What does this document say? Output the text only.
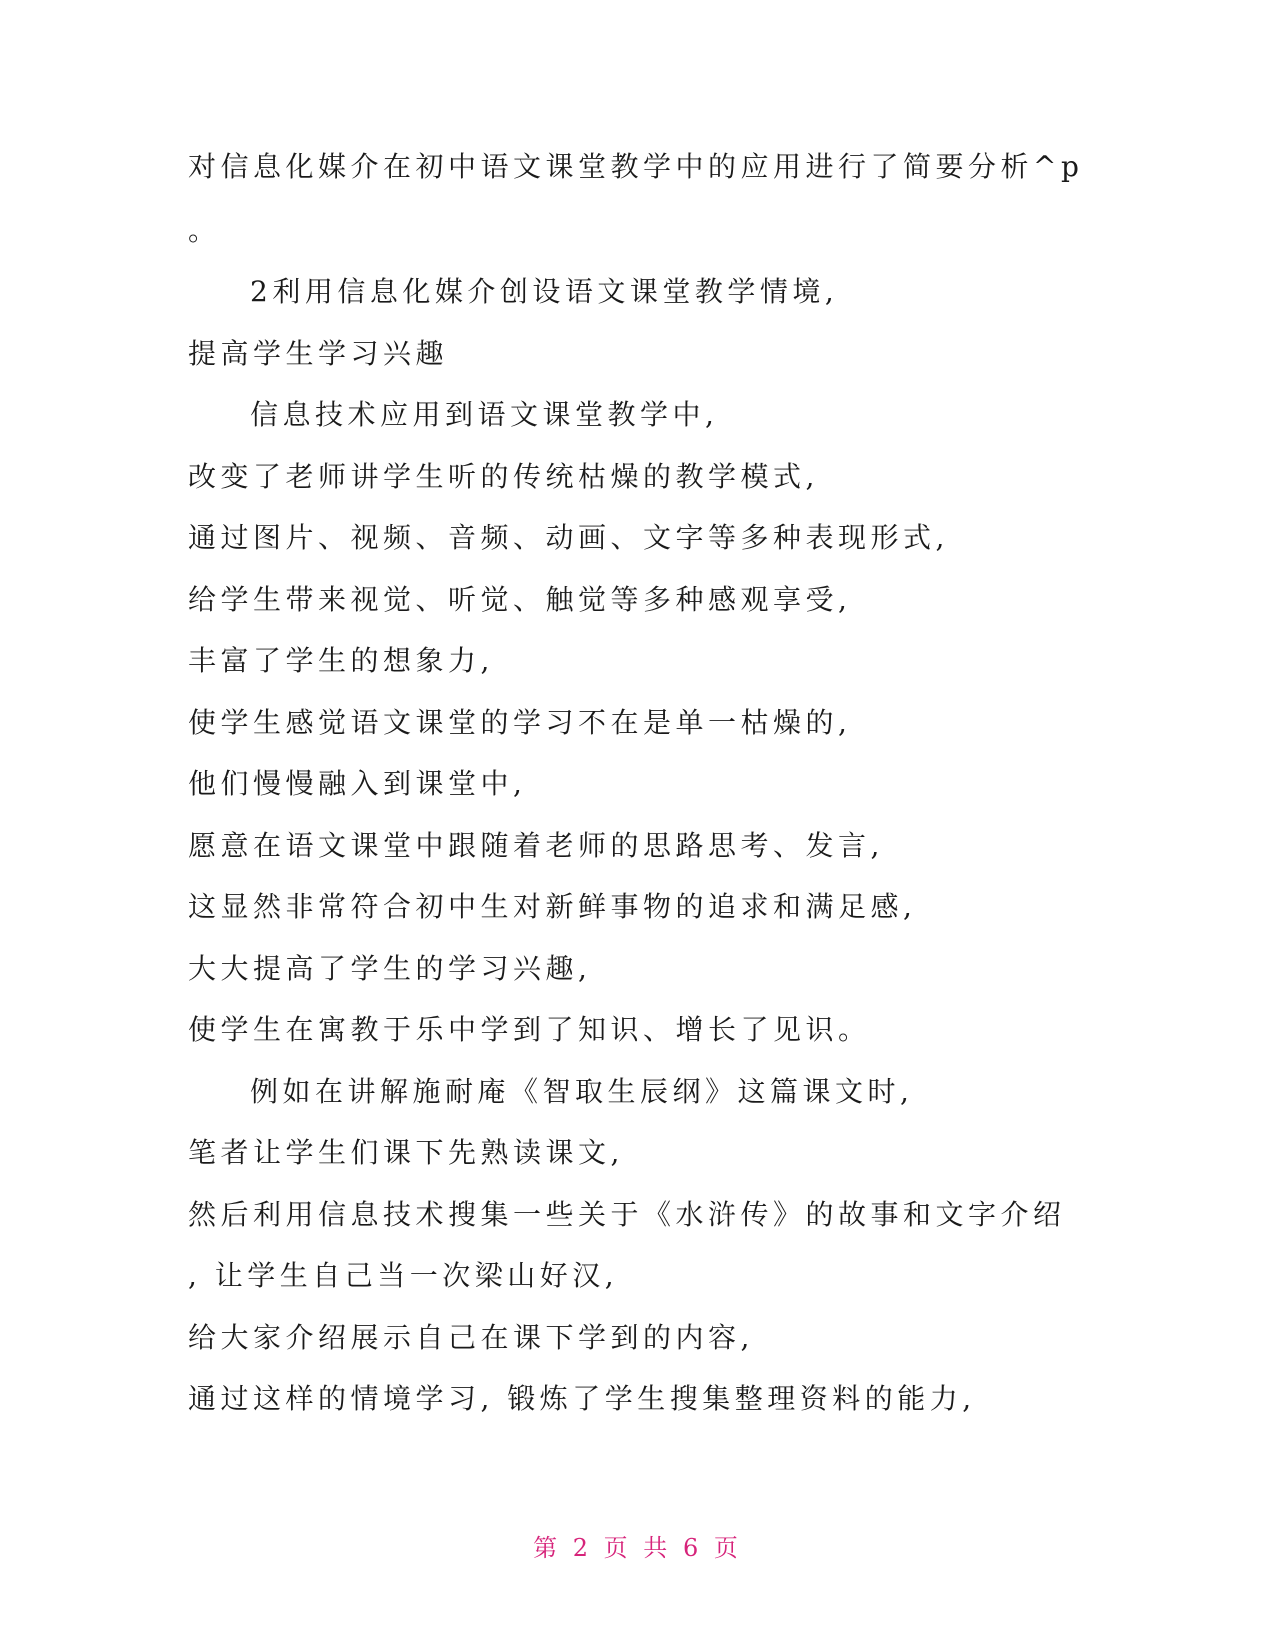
对信息化媒介在初中语文课堂教学中的应用进行了简要分析^p
。
2利用信息化媒介创设语文课堂教学情境,
提高学生学习兴趣
信息技术应用到语文课堂教学中,
改变了老师讲学生听的传统枯燥的教学模式,
通过图片、视频、音频、动画、文字等多种表现形式,
给学生带来视觉、听觉、触觉等多种感观享受,
丰富了学生的想象力,
使学生感觉语文课堂的学习不在是单一枯燥的,
他们慢慢融入到课堂中,
愿意在语文课堂中跟随着老师的思路思考、发言,
这显然非常符合初中生对新鲜事物的追求和满足感,
大大提高了学生的学习兴趣,
使学生在寓教于乐中学到了知识、增长了见识。
例如在讲解施耐庵《智取生辰纲》这篇课文时,
笔者让学生们课下先熟读课文,
然后利用信息技术搜集一些关于《水浒传》的故事和文字介绍
, 让学生自己当一次梁山好汉,
给大家介绍展示自己在课下学到的内容,
通过这样的情境学习, 锻炼了学生搜集整理资料的能力,
第 2 页 共 6 页
